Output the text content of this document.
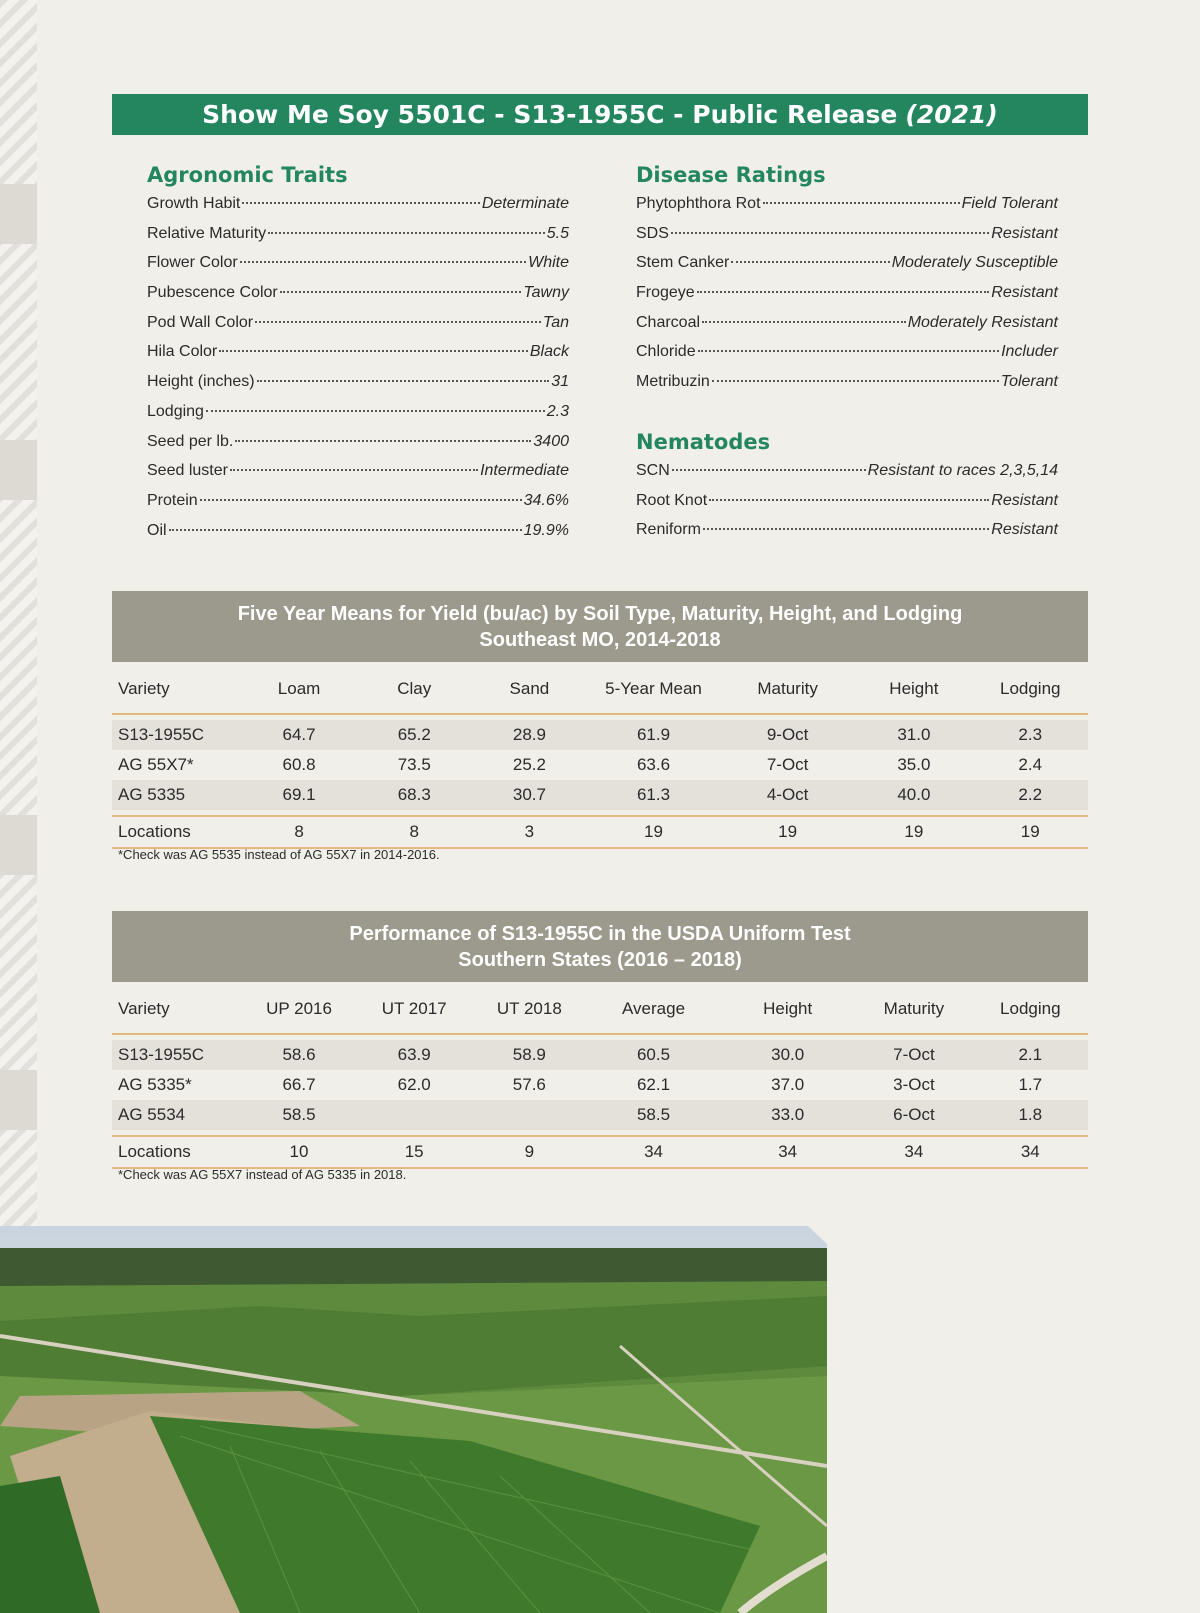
Show Me Soy 5501C - S13-1955C - Public Release (2021)
Agronomic Traits
Growth Habit	Determinate
Relative Maturity	5.5
Flower Color	White
Pubescence Color	Tawny
Pod Wall Color	Tan
Hila Color	Black
Height (inches)	31
Lodging	2.3
Seed per lb.	3400
Seed luster	Intermediate
Protein	34.6%
Oil	19.9%
Disease Ratings
Phytophthora Rot	Field Tolerant
SDS	Resistant
Stem Canker	Moderately Susceptible
Frogeye	Resistant
Charcoal	Moderately Resistant
Chloride	Includer
Metribuzin	Tolerant
Nematodes
SCN	Resistant to races 2,3,5,14
Root Knot	Resistant
Reniform	Resistant
Five Year Means for Yield (bu/ac) by Soil Type, Maturity, Height, and Lodging
Southeast MO, 2014-2018
Variety	Loam	Clay	Sand	5-Year Mean	Maturity	Height	Lodging

S13-1955C	64.7	65.2	28.9	61.9	9-Oct	31.0	2.3
AG 55X7*	60.8	73.5	25.2	63.6	7-Oct	35.0	2.4
AG 5335	69.1	68.3	30.7	61.3	4-Oct	40.0	2.2

Locations	8	8	3	19	19	19	19
*Check was AG 5535 instead of AG 55X7 in 2014-2016.
Performance of S13-1955C in the USDA Uniform Test
Southern States (2016 – 2018)
Variety	UP 2016	UT 2017	UT 2018	Average	Height	Maturity	Lodging

S13-1955C	58.6	63.9	58.9	60.5	30.0	7-Oct	2.1
AG 5335*	66.7	62.0	57.6	62.1	37.0	3-Oct	1.7
AG 5534	58.5			58.5	33.0	6-Oct	1.8

Locations	10	15	9	34	34	34	34
*Check was AG 55X7 instead of AG 5335 in 2018.
